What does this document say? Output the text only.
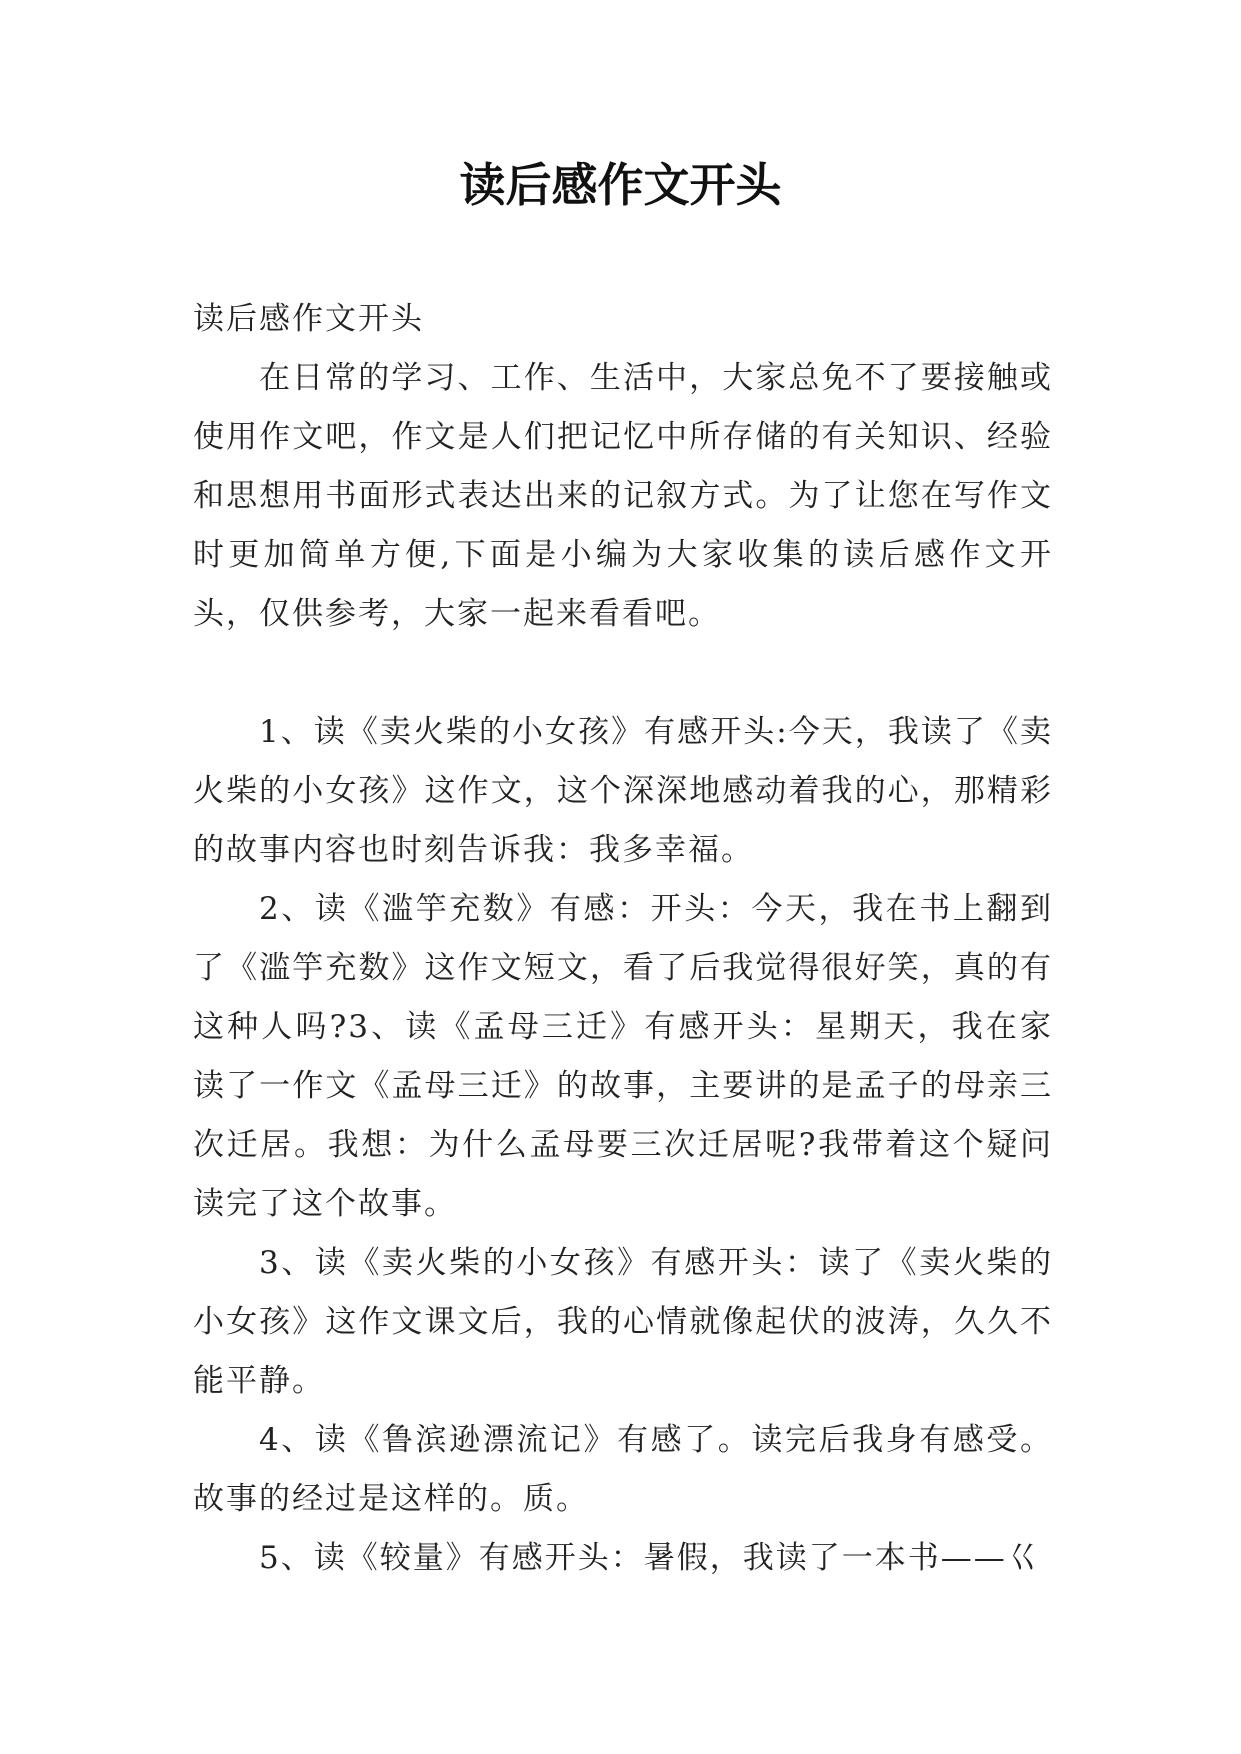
读后感作文开头

读后感作文开头

在日常的学习、工作、生活中，大家总免不了要接触或使用作文吧，作文是人们把记忆中所存储的有关知识、经验和思想用书面形式表达出来的记叙方式。为了让您在写作文时更加简单方便,下面是小编为大家收集的读后感作文开头，仅供参考，大家一起来看看吧。

1、读《卖火柴的小女孩》有感开头:今天，我读了《卖火柴的小女孩》这作文，这个深深地感动着我的心，那精彩的故事内容也时刻告诉我：我多幸福。

2、读《滥竽充数》有感：开头：今天，我在书上翻到了《滥竽充数》这作文短文，看了后我觉得很好笑，真的有这种人吗?3、读《孟母三迁》有感开头：星期天，我在家读了一作文《孟母三迁》的故事，主要讲的是孟子的母亲三次迁居。我想：为什么孟母要三次迁居呢?我带着这个疑问读完了这个故事。

3、读《卖火柴的小女孩》有感开头：读了《卖火柴的小女孩》这作文课文后，我的心情就像起伏的波涛，久久不能平静。

4、读《鲁滨逊漂流记》有感了。读完后我身有感受。故事的经过是这样的。质。

5、读《较量》有感开头：暑假，我读了一本书——巜
